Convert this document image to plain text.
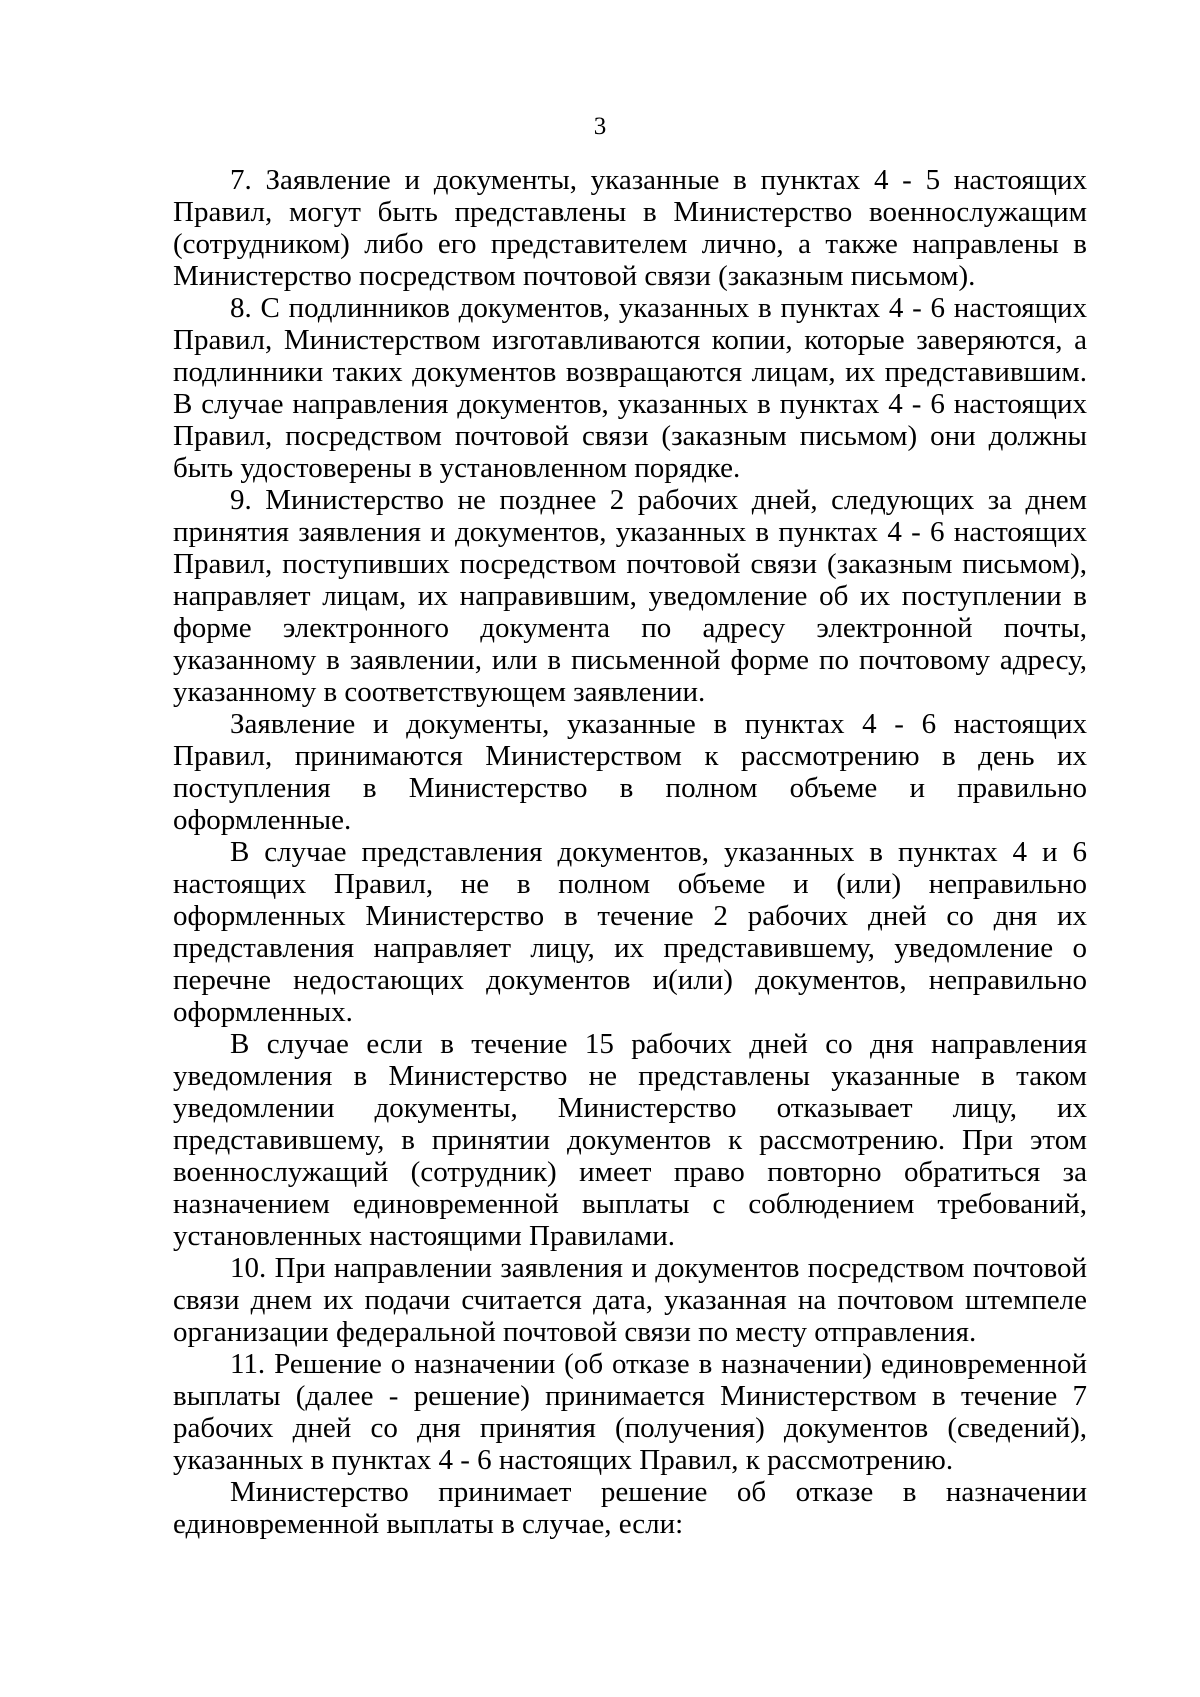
3

7. Заявление и документы, указанные в пунктах 4 - 5 настоящих Правил, могут быть представлены в Министерство военнослужащим (сотрудником) либо его представителем лично, а также направлены в Министерство посредством почтовой связи (заказным письмом).

8. С подлинников документов, указанных в пунктах 4 - 6 настоящих Правил, Министерством изготавливаются копии, которые заверяются, а подлинники таких документов возвращаются лицам, их представившим. В случае направления документов, указанных в пунктах 4 - 6 настоящих Правил, посредством почтовой связи (заказным письмом) они должны быть удостоверены в установленном порядке.

9. Министерство не позднее 2 рабочих дней, следующих за днем принятия заявления и документов, указанных в пунктах 4 - 6 настоящих Правил, поступивших посредством почтовой связи (заказным письмом), направляет лицам, их направившим, уведомление об их поступлении в форме электронного документа по адресу электронной почты, указанному в заявлении, или в письменной форме по почтовому адресу, указанному в соответствующем заявлении.

Заявление и документы, указанные в пунктах 4 - 6 настоящих Правил, принимаются Министерством к рассмотрению в день их поступления в Министерство в полном объеме и правильно оформленные.

В случае представления документов, указанных в пунктах 4 и 6 настоящих Правил, не в полном объеме и (или) неправильно оформленных Министерство в течение 2 рабочих дней со дня их представления направляет лицу, их представившему, уведомление о перечне недостающих документов и(или) документов, неправильно оформленных.

В случае если в течение 15 рабочих дней со дня направления уведомления в Министерство не представлены указанные в таком уведомлении документы, Министерство отказывает лицу, их представившему, в принятии документов к рассмотрению. При этом военнослужащий (сотрудник) имеет право повторно обратиться за назначением единовременной выплаты с соблюдением требований, установленных настоящими Правилами.

10. При направлении заявления и документов посредством почтовой связи днем их подачи считается дата, указанная на почтовом штемпеле организации федеральной почтовой связи по месту отправления.

11. Решение о назначении (об отказе в назначении) единовременной выплаты (далее - решение) принимается Министерством в течение 7 рабочих дней со дня принятия (получения) документов (сведений), указанных в пунктах 4 - 6 настоящих Правил, к рассмотрению.

Министерство принимает решение об отказе в назначении единовременной выплаты в случае, если:
